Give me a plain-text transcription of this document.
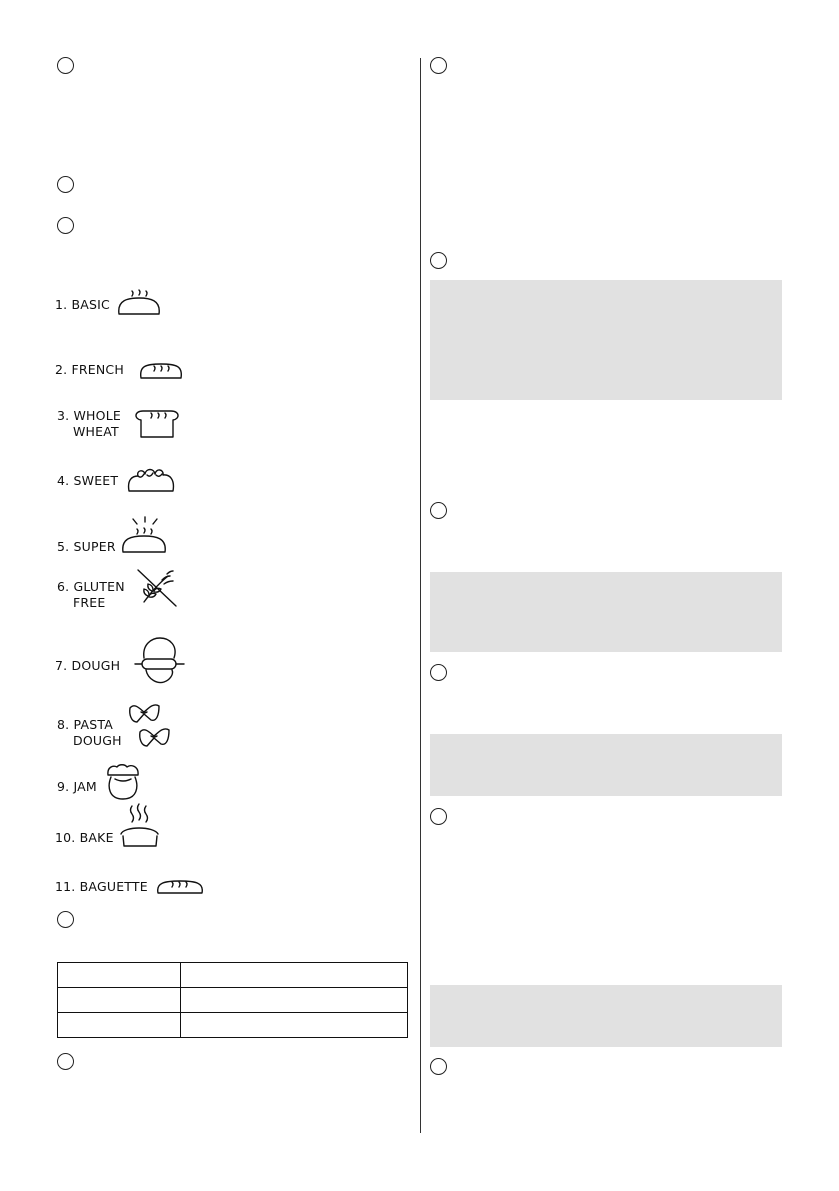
1. BASIC
2. FRENCH
3. WHOLE
WHEAT
4. SWEET
5. SUPER
6. GLUTEN
FREE
7. DOUGH
8. PASTA
DOUGH
9. JAM
10. BAKE
11. BAGUETTE
